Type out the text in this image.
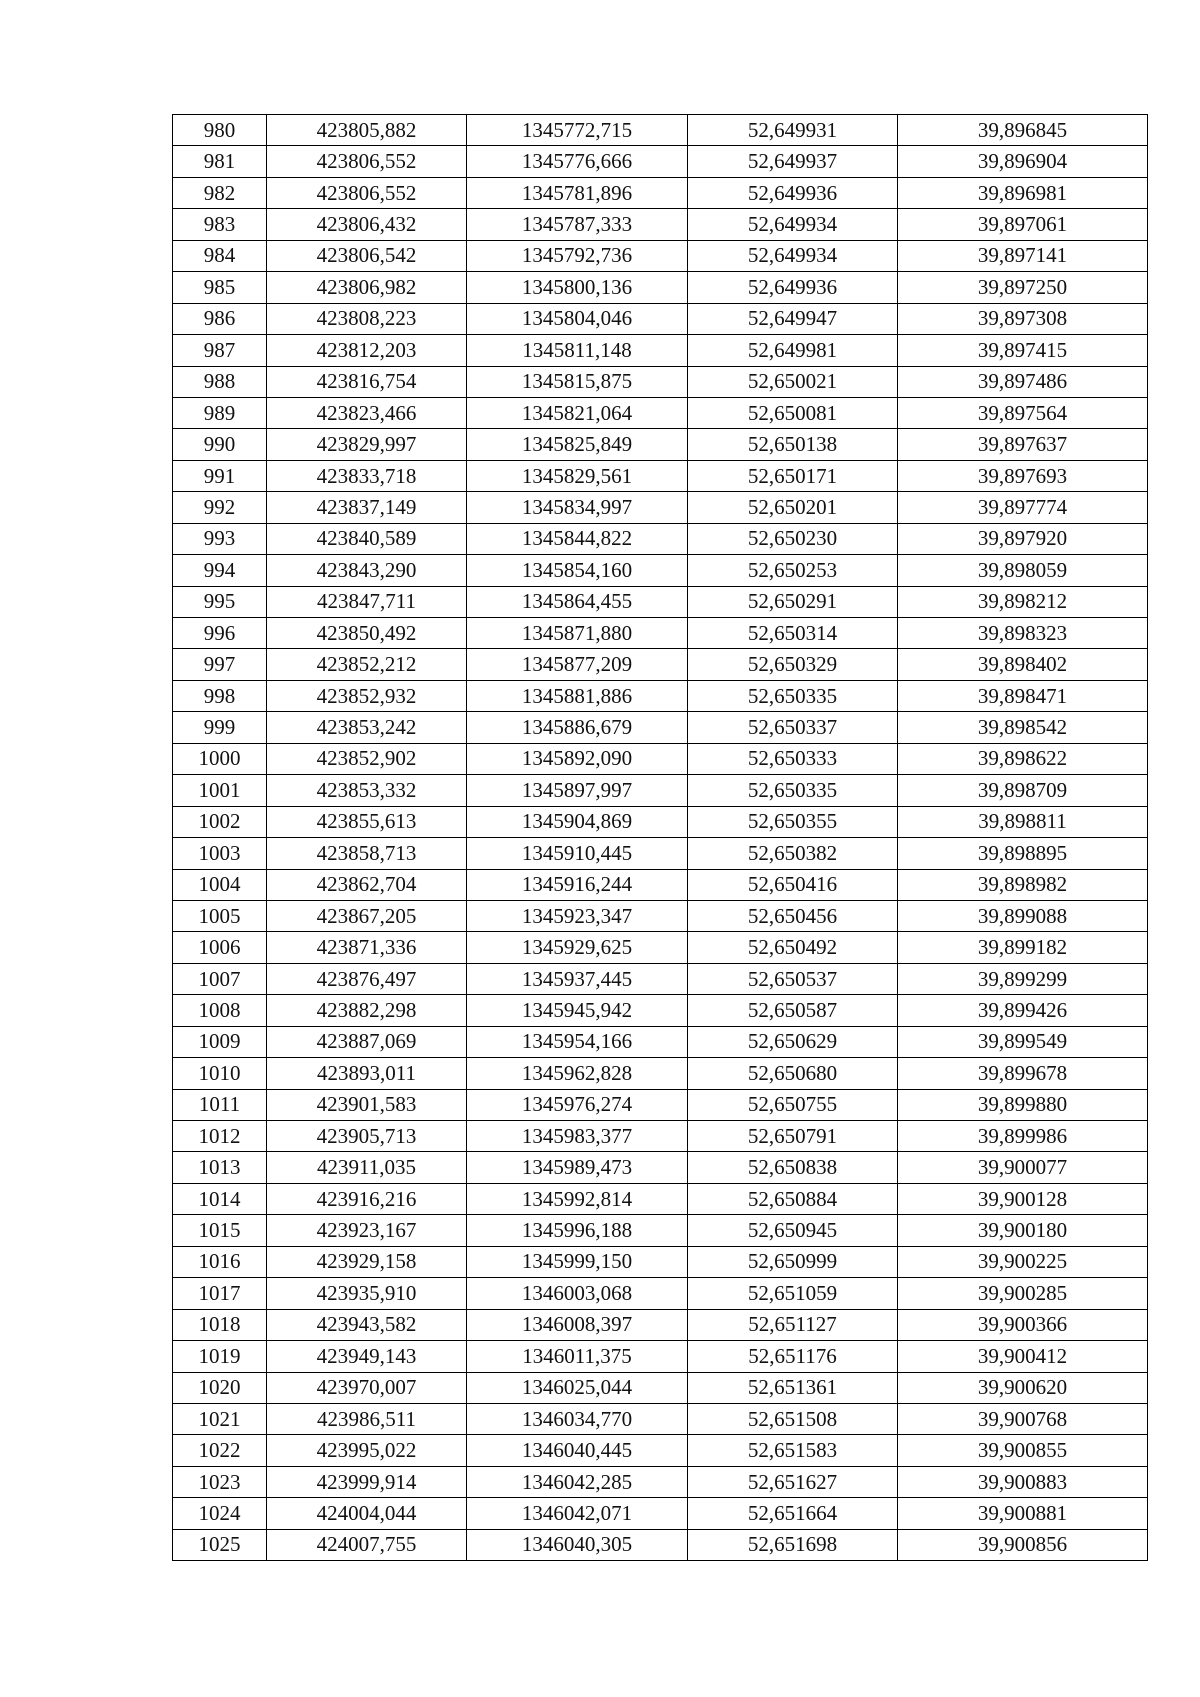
980	423805,882	1345772,715	52,649931	39,896845
981	423806,552	1345776,666	52,649937	39,896904
982	423806,552	1345781,896	52,649936	39,896981
983	423806,432	1345787,333	52,649934	39,897061
984	423806,542	1345792,736	52,649934	39,897141
985	423806,982	1345800,136	52,649936	39,897250
986	423808,223	1345804,046	52,649947	39,897308
987	423812,203	1345811,148	52,649981	39,897415
988	423816,754	1345815,875	52,650021	39,897486
989	423823,466	1345821,064	52,650081	39,897564
990	423829,997	1345825,849	52,650138	39,897637
991	423833,718	1345829,561	52,650171	39,897693
992	423837,149	1345834,997	52,650201	39,897774
993	423840,589	1345844,822	52,650230	39,897920
994	423843,290	1345854,160	52,650253	39,898059
995	423847,711	1345864,455	52,650291	39,898212
996	423850,492	1345871,880	52,650314	39,898323
997	423852,212	1345877,209	52,650329	39,898402
998	423852,932	1345881,886	52,650335	39,898471
999	423853,242	1345886,679	52,650337	39,898542
1000	423852,902	1345892,090	52,650333	39,898622
1001	423853,332	1345897,997	52,650335	39,898709
1002	423855,613	1345904,869	52,650355	39,898811
1003	423858,713	1345910,445	52,650382	39,898895
1004	423862,704	1345916,244	52,650416	39,898982
1005	423867,205	1345923,347	52,650456	39,899088
1006	423871,336	1345929,625	52,650492	39,899182
1007	423876,497	1345937,445	52,650537	39,899299
1008	423882,298	1345945,942	52,650587	39,899426
1009	423887,069	1345954,166	52,650629	39,899549
1010	423893,011	1345962,828	52,650680	39,899678
1011	423901,583	1345976,274	52,650755	39,899880
1012	423905,713	1345983,377	52,650791	39,899986
1013	423911,035	1345989,473	52,650838	39,900077
1014	423916,216	1345992,814	52,650884	39,900128
1015	423923,167	1345996,188	52,650945	39,900180
1016	423929,158	1345999,150	52,650999	39,900225
1017	423935,910	1346003,068	52,651059	39,900285
1018	423943,582	1346008,397	52,651127	39,900366
1019	423949,143	1346011,375	52,651176	39,900412
1020	423970,007	1346025,044	52,651361	39,900620
1021	423986,511	1346034,770	52,651508	39,900768
1022	423995,022	1346040,445	52,651583	39,900855
1023	423999,914	1346042,285	52,651627	39,900883
1024	424004,044	1346042,071	52,651664	39,900881
1025	424007,755	1346040,305	52,651698	39,900856
